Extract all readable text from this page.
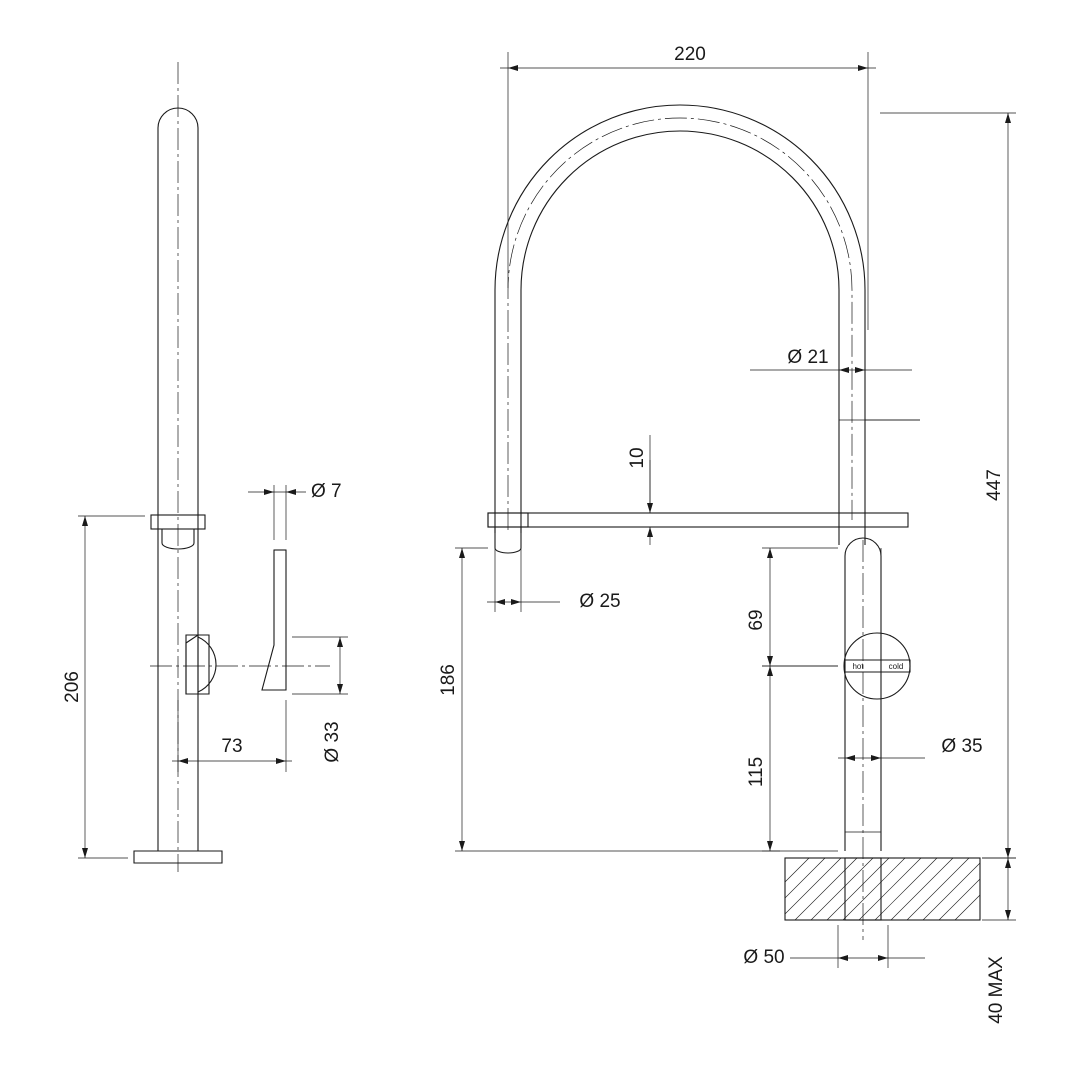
Ø 7
206
73	Ø 33
hot	cold
220
Ø 21
10
Ø 25
447
186
69
115
Ø 35
Ø 50	40 MAX
